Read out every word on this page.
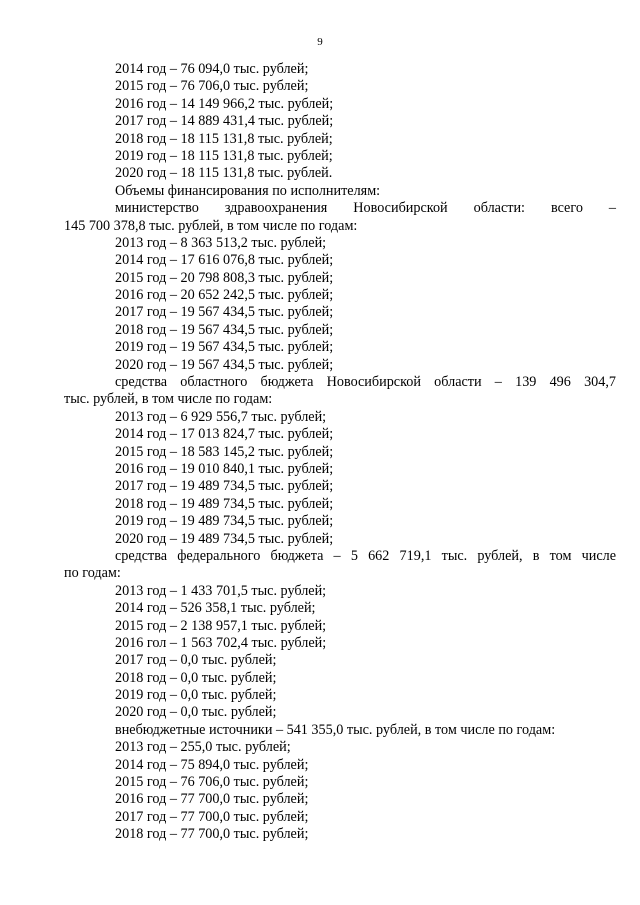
9
2014 год – 76 094,0 тыс. рублей;
2015 год – 76 706,0 тыс. рублей;
2016 год – 14 149 966,2 тыс. рублей;
2017 год – 14 889 431,4 тыс. рублей;
2018 год – 18 115 131,8 тыс. рублей;
2019 год – 18 115 131,8 тыс. рублей;
2020 год – 18 115 131,8 тыс. рублей.
Объемы финансирования по исполнителям:
министерство здравоохранения Новосибирской области: всего –
145 700 378,8 тыс. рублей, в том числе по годам:
2013 год – 8 363 513,2 тыс. рублей;
2014 год – 17 616 076,8 тыс. рублей;
2015 год – 20 798 808,3 тыс. рублей;
2016 год – 20 652 242,5 тыс. рублей;
2017 год – 19 567 434,5 тыс. рублей;
2018 год – 19 567 434,5 тыс. рублей;
2019 год – 19 567 434,5 тыс. рублей;
2020 год – 19 567 434,5 тыс. рублей;
средства областного бюджета Новосибирской области – 139 496 304,7
тыс. рублей, в том числе по годам:
2013 год – 6 929 556,7 тыс. рублей;
2014 год – 17 013 824,7 тыс. рублей;
2015 год – 18 583 145,2 тыс. рублей;
2016 год – 19 010 840,1 тыс. рублей;
2017 год – 19 489 734,5 тыс. рублей;
2018 год – 19 489 734,5 тыс. рублей;
2019 год – 19 489 734,5 тыс. рублей;
2020 год – 19 489 734,5 тыс. рублей;
средства федерального бюджета – 5 662 719,1 тыс. рублей, в том числе
по годам:
2013 год – 1 433 701,5 тыс. рублей;
2014 год – 526 358,1 тыс. рублей;
2015 год – 2 138 957,1 тыс. рублей;
2016 гол – 1 563 702,4 тыс. рублей;
2017 год – 0,0 тыс. рублей;
2018 год – 0,0 тыс. рублей;
2019 год – 0,0 тыс. рублей;
2020 год – 0,0 тыс. рублей;
внебюджетные источники – 541 355,0 тыс. рублей, в том числе по годам:
2013 год – 255,0 тыс. рублей;
2014 год – 75 894,0 тыс. рублей;
2015 год – 76 706,0 тыс. рублей;
2016 год – 77 700,0 тыс. рублей;
2017 год – 77 700,0 тыс. рублей;
2018 год – 77 700,0 тыс. рублей;
